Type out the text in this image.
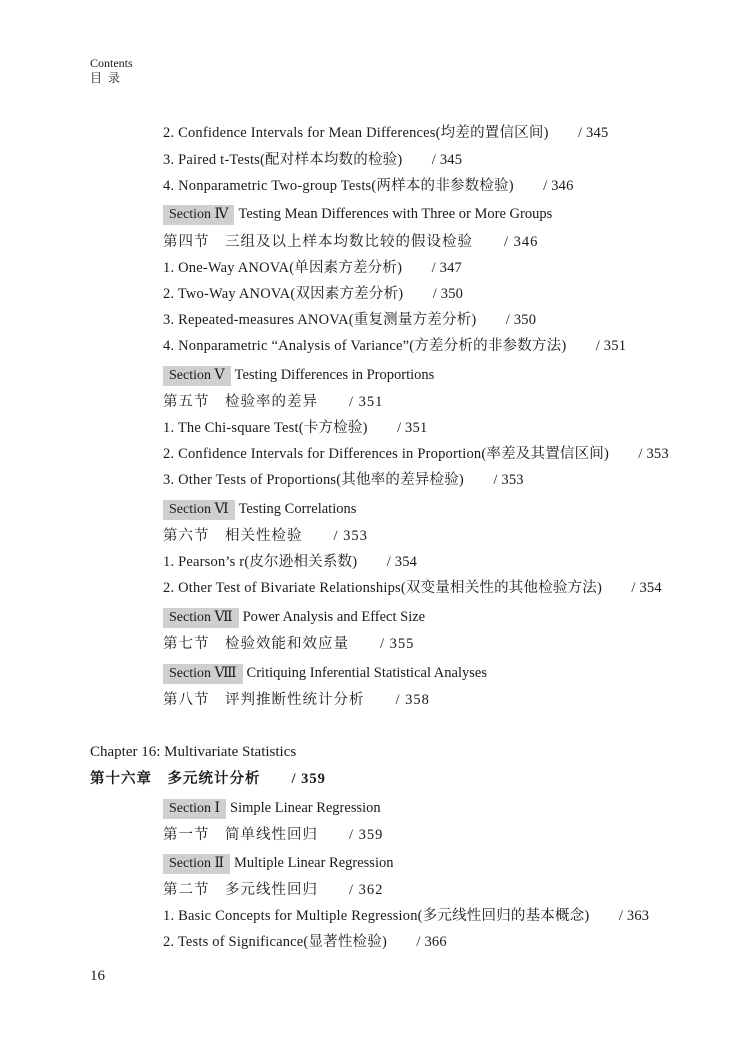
Contents
目录
2. Confidence Intervals for Mean Differences(均差的置信区间)　　/ 345
3. Paired t-Tests(配对样本均数的检验)　　/ 345
4. Nonparametric Two-group Tests(两样本的非参数检验)　　/ 346
Section Ⅳ Testing Mean Differences with Three or More Groups
第四节　三组及以上样本均数比较的假设检验　　/ 346
1. One-Way ANOVA(单因素方差分析)　　/ 347
2. Two-Way ANOVA(双因素方差分析)　　/ 350
3. Repeated-measures ANOVA(重复测量方差分析)　　/ 350
4. Nonparametric “Analysis of Variance”(方差分析的非参数方法)　　/ 351
Section Ⅴ Testing Differences in Proportions
第五节　检验率的差异　　/ 351
1. The Chi-square Test(卡方检验)　　/ 351
2. Confidence Intervals for Differences in Proportion(率差及其置信区间)　　/ 353
3. Other Tests of Proportions(其他率的差异检验)　　/ 353
Section Ⅵ Testing Correlations
第六节　相关性检验　　/ 353
1. Pearson’s r(皮尔逊相关系数)　　/ 354
2. Other Test of Bivariate Relationships(双变量相关性的其他检验方法)　　/ 354
Section Ⅶ Power Analysis and Effect Size
第七节　检验效能和效应量　　/ 355
Section Ⅷ Critiquing Inferential Statistical Analyses
第八节　评判推断性统计分析　　/ 358
Chapter 16: Multivariate Statistics
第十六章　多元统计分析　　/ 359
Section Ⅰ Simple Linear Regression
第一节　简单线性回归　　/ 359
Section Ⅱ Multiple Linear Regression
第二节　多元线性回归　　/ 362
1. Basic Concepts for Multiple Regression(多元线性回归的基本概念)　　/ 363
2. Tests of Significance(显著性检验)　　/ 366
16
